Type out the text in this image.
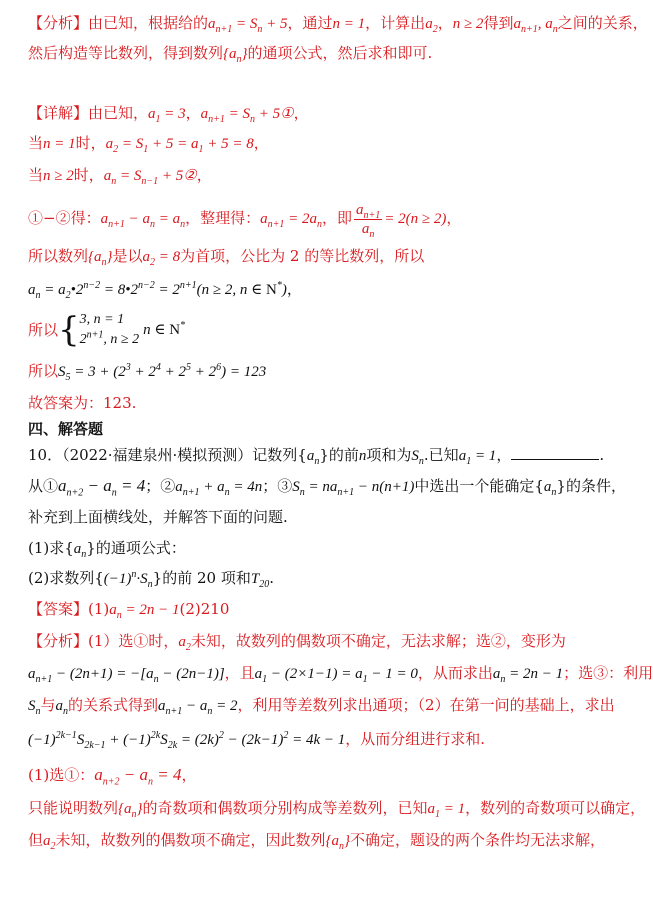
【分析】由已知，根据给的$a_{n+1} = S_n + 5$，通过n = 1，计算出$a_2$，n ≥ 2得到$a_{n+1}$, $a_n$之间的关系，
然后构造等比数列，得到数列$\{a_n\}$的通项公式，然后求和即可.
【详解】由已知，$a_1 = 3$，$a_{n+1} = S_n$ + 5①，
当n = 1时，$a_2 = S_1 + 5 = a_1 + 5 = 8$，
当n ≥ 2时，$a_n = S_{n-1}$ + 5②，
①−②得：$a_{n+1} - a_n = a_n$，整理得：$a_{n+1} = 2a_n$，即 $\frac{a_{n+1}}{a_n} = 2(n \ge 2)$，
所以数列$\{a_n\}$是以$a_2 = 8$为首项，公比为 2 的等比数列，所以
$a_n$ = $a_2•2^{n-2}$ = $8•2^{n-2} = 2^{n+1}(n \ge 2$, n ∈ N*)，
所以{ 3, n = 1
$2^{n+1}$, n ≥ 2
n ∈ N*
所以$S_5 = 3 + (2^3 + 2^4 + 2^5 + 2^6) = 123$
故答案为：123.
四、解答题
10．（2022·福建泉州·模拟预测）记数列$\{a_n\}$的前n项和为$S_n$.已知$a_1 = 1$，	.
从$①a_{n+2} - a_n = 4$；$②a_{n+1} + a_n = 4n$；$③S_n = na_{n+1} - n(n+1)$中选出一个能确定$\{a_n\}$的条件，
补充到上面横线处，并解答下面的问题.
(1)求$\{a_n\}$的通项公式：
(2)求数列$\{(-1)^n\cdot S_n\}$的前 20 项和$T_{20}$.
【答案】$(1)a_n = 2n - 1(2)210$
【分析】(1）选①时，$a_2$未知，故数列的偶数项不确定，无法求解；选②，变形为
$a_{n+1} - (2n+1) = -[a_n - (2n-1)]$，且$a_1 - (2\times 1-1) = a_1 - 1 = 0$，从而求出$a_n = 2n - 1$；选③：利用
$S_n$与$a_n$的关系式得到$a_{n+1} - a_n = 2$，利用等差数列求出通项；（2）在第一问的基础上，求出
$(-1)^{2k-1}S_{2k-1} + (-1)^{2k}S_{2k} = (2k)^2 - (2k-1)^2 = 4k - 1$，从而分组进行求和.
(1)选①：$a_{n+2} - a_n = 4$，
只能说明数列$\{a_n\}$的奇数项和偶数项分别构成等差数列，已知$a_1 = 1$，数列的奇数项可以确定，
但$a_2$未知，故数列的偶数项不确定，因此数列$\{a_n\}$不确定，题设的两个条件均无法求解，
